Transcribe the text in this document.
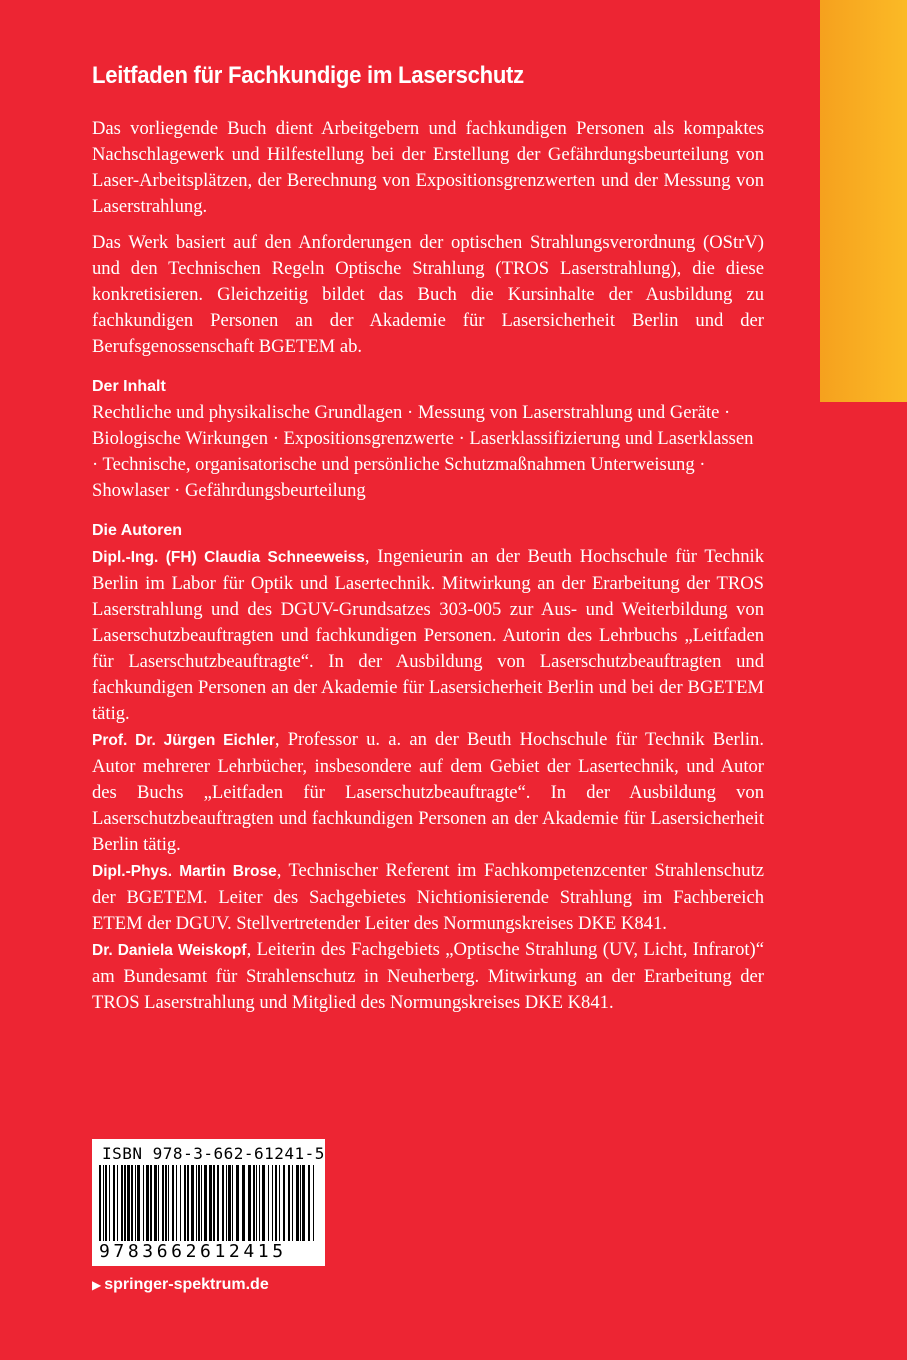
Leitfaden für Fachkundige im Laserschutz

Das vorliegende Buch dient Arbeitgebern und fachkundigen Personen als kompaktes Nachschlagewerk und Hilfestellung bei der Erstellung der Gefährdungsbeurteilung von Laser-Arbeitsplätzen, der Berechnung von Expositionsgrenzwerten und der Messung von Laserstrahlung.

Das Werk basiert auf den Anforderungen der optischen Strahlungsverordnung (OStrV) und den Technischen Regeln Optische Strahlung (TROS Laserstrahlung), die diese konkretisieren. Gleichzeitig bildet das Buch die Kursinhalte der Ausbildung zu fachkundigen Personen an der Akademie für Lasersicherheit Berlin und der Berufsgenossenschaft BGETEM ab.

Der Inhalt

Rechtliche und physikalische Grundlagen · Messung von Laserstrahlung und Geräte · Biologische Wirkungen · Expositionsgrenzwerte · Laserklassifizierung und Laserklassen · Technische, organisatorische und persönliche Schutzmaßnahmen Unterweisung · Showlaser · Gefährdungsbeurteilung

Die Autoren

Dipl.-Ing. (FH) Claudia Schneeweiss, Ingenieurin an der Beuth Hochschule für Technik Berlin im Labor für Optik und Lasertechnik. Mitwirkung an der Erarbeitung der TROS Laserstrahlung und des DGUV-Grundsatzes 303-005 zur Aus- und Weiterbildung von Laserschutzbeauftragten und fachkundigen Personen. Autorin des Lehrbuchs „Leitfaden für Laserschutzbeauftragte“. In der Ausbildung von Laserschutzbeauftragten und fachkundigen Personen an der Akademie für Lasersicherheit Berlin und bei der BGETEM tätig.

Prof. Dr. Jürgen Eichler, Professor u. a. an der Beuth Hochschule für Technik Berlin. Autor mehrerer Lehrbücher, insbesondere auf dem Gebiet der Lasertechnik, und Autor des Buchs „Leitfaden für Laserschutzbeauftragte“. In der Ausbildung von Laserschutzbeauftragten und fachkundigen Personen an der Akademie für Lasersicherheit Berlin tätig.

Dipl.-Phys. Martin Brose, Technischer Referent im Fachkompetenzcenter Strahlenschutz der BGETEM. Leiter des Sachgebietes Nichtionisierende Strahlung im Fachbereich ETEM der DGUV. Stellvertretender Leiter des Normungskreises DKE K841.

Dr. Daniela Weiskopf, Leiterin des Fachgebiets „Optische Strahlung (UV, Licht, Infrarot)“ am Bundesamt für Strahlenschutz in Neuherberg. Mitwirkung an der Erarbeitung der TROS Laserstrahlung und Mitglied des Normungskreises DKE K841.

ISBN 978-3-662-61241-5
9783662612415
▶ springer-spektrum.de
